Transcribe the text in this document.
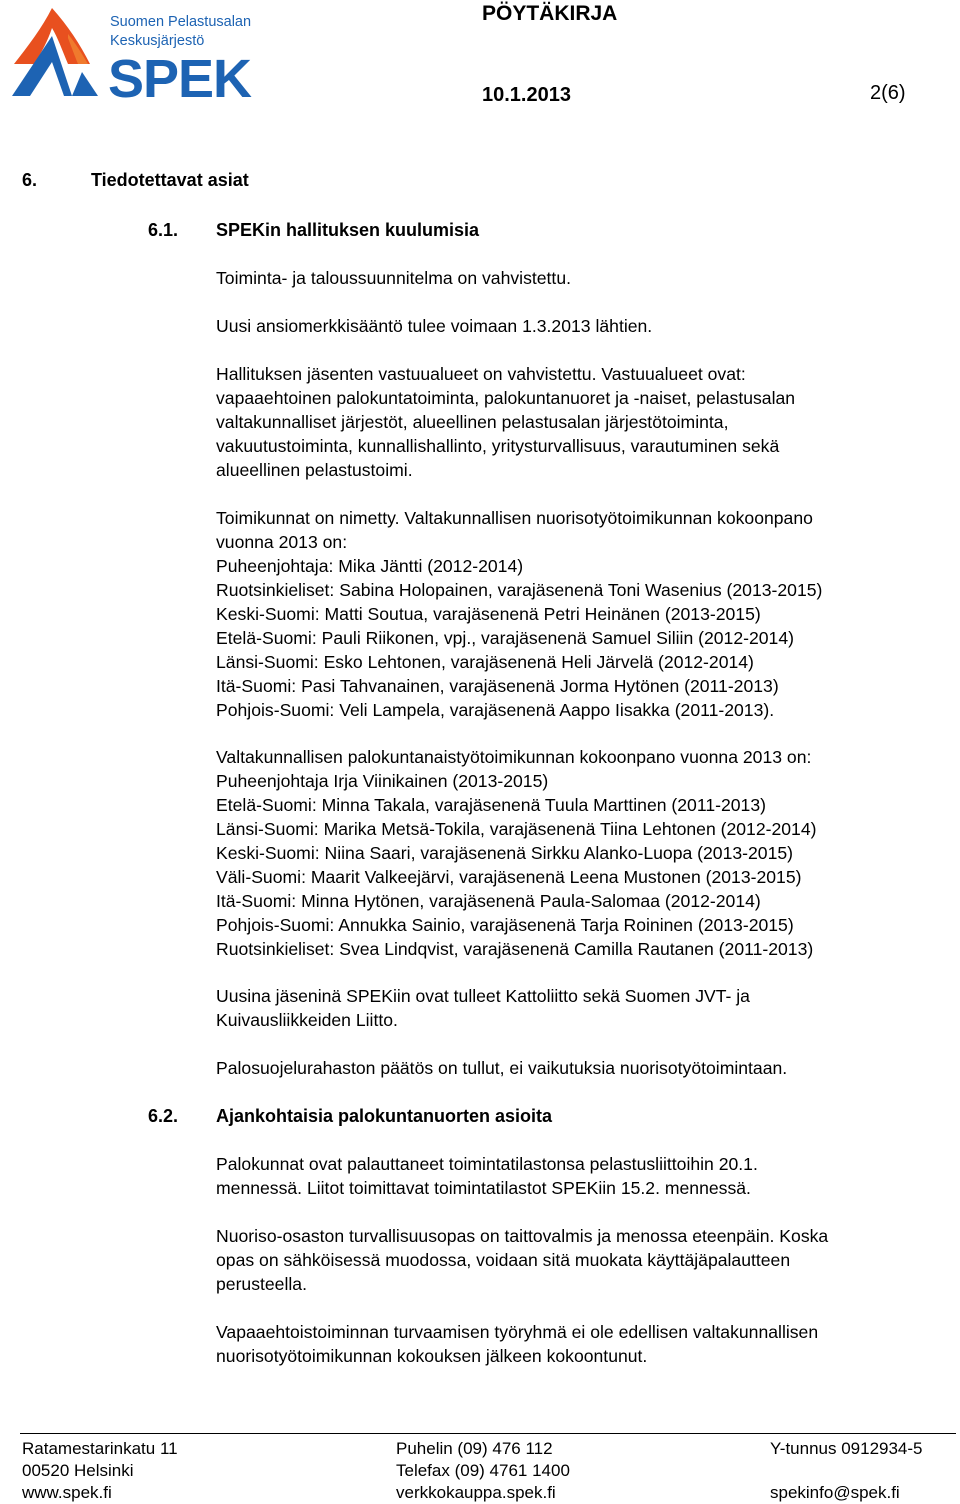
Suomen Pelastusalan
Keskusjärjestö
SPEK
PÖYTÄKIRJA
10.1.2013	2(6)
6.	Tiedotettavat asiat
6.1. SPEKin hallituksen kuulumisia

Toiminta- ja taloussuunnitelma on vahvistettu.

Uusi ansiomerkkisääntö tulee voimaan 1.3.2013 lähtien.

Hallituksen jäsenten vastuualueet on vahvistettu. Vastuualueet ovat:

vapaaehtoinen palokuntatoiminta, palokuntanuoret ja -naiset, pelastusalan

valtakunnalliset järjestöt, alueellinen pelastusalan järjestötoiminta,

vakuutustoiminta, kunnallishallinto, yritysturvallisuus, varautuminen sekä

alueellinen pelastustoimi.

Toimikunnat on nimetty. Valtakunnallisen nuorisotyötoimikunnan kokoonpano

vuonna 2013 on:

Puheenjohtaja: Mika Jäntti (2012-2014)

Ruotsinkieliset: Sabina Holopainen, varajäsenenä Toni Wasenius (2013-2015)

Keski-Suomi: Matti Soutua, varajäsenenä Petri Heinänen (2013-2015)

Etelä-Suomi: Pauli Riikonen, vpj., varajäsenenä Samuel Siliin (2012-2014)

Länsi-Suomi: Esko Lehtonen, varajäsenenä Heli Järvelä (2012-2014)

Itä-Suomi: Pasi Tahvanainen, varajäsenenä Jorma Hytönen (2011-2013)

Pohjois-Suomi: Veli Lampela, varajäsenenä Aappo Iisakka (2011-2013).

Valtakunnallisen palokuntanaistyötoimikunnan kokoonpano vuonna 2013 on:

Puheenjohtaja Irja Viinikainen (2013-2015)

Etelä-Suomi: Minna Takala, varajäsenenä Tuula Marttinen (2011-2013)

Länsi-Suomi: Marika Metsä-Tokila, varajäsenenä Tiina Lehtonen (2012-2014)

Keski-Suomi: Niina Saari, varajäsenenä Sirkku Alanko-Luopa (2013-2015)

Väli-Suomi: Maarit Valkeejärvi, varajäsenenä Leena Mustonen (2013-2015)

Itä-Suomi: Minna Hytönen, varajäsenenä Paula-Salomaa (2012-2014)

Pohjois-Suomi: Annukka Sainio, varajäsenenä Tarja Roininen (2013-2015)

Ruotsinkieliset: Svea Lindqvist, varajäsenenä Camilla Rautanen (2011-2013)

Uusina jäseninä SPEKiin ovat tulleet Kattoliitto sekä Suomen JVT- ja

Kuivausliikkeiden Liitto.

Palosuojelurahaston päätös on tullut, ei vaikutuksia nuorisotyötoimintaan.

6.2. Ajankohtaisia palokuntanuorten asioita

Palokunnat ovat palauttaneet toimintatilastonsa pelastusliittoihin 20.1.

mennessä. Liitot toimittavat toimintatilastot SPEKiin 15.2. mennessä.

Nuoriso-osaston turvallisuusopas on taittovalmis ja menossa eteenpäin. Koska

opas on sähköisessä muodossa, voidaan sitä muokata käyttäjäpalautteen

perusteella.

Vapaaehtoistoiminnan turvaamisen työryhmä ei ole edellisen valtakunnallisen

nuorisotyötoimikunnan kokouksen jälkeen kokoontunut.

Ratamestarinkatu 11
00520 Helsinki
www.spek.fi
Puhelin (09) 476 112
Telefax (09) 4761 1400
verkkokauppa.spek.fi
Y-tunnus 0912934-5
spekinfo@spek.fi
